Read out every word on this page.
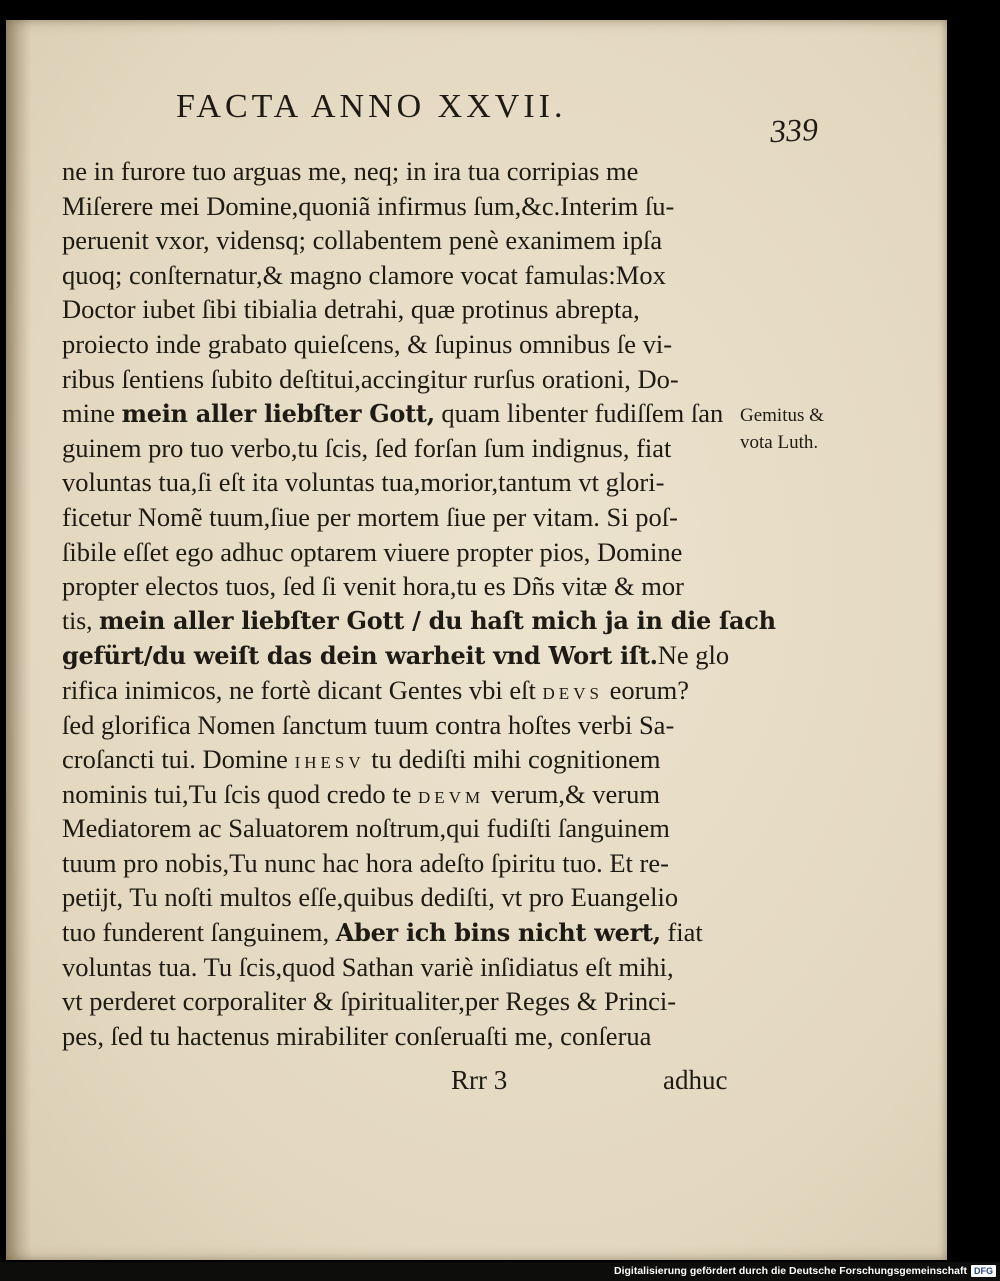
FACTA ANNO XXVII.
339
ne in furore tuo arguas me, neq; in ira tua corripias me
Miſerere mei Domine,quoniã infirmus ſum,&c.Interim ſu-
peruenit vxor, vidensq; collabentem penè exanimem ipſa
quoq; conſternatur,& magno clamore vocat famulas:Mox
Doctor iubet ſibi tibialia detrahi, quæ protinus abrepta,
proiecto inde grabato quieſcens, & ſupinus omnibus ſe vi-
ribus ſentiens ſubito deſtitui,accingitur rurſus orationi, Do-
mine mein aller liebſter Gott, quam libenter fudiſſem ſan
guinem pro tuo verbo,tu ſcis, ſed forſan ſum indignus, fiat
voluntas tua,ſi eſt ita voluntas tua,morior,tantum vt glori-
ficetur Nomẽ tuum,ſiue per mortem ſiue per vitam. Si poſ-
ſibile eſſet ego adhuc optarem viuere propter pios, Domine
propter electos tuos, ſed ſi venit hora,tu es Dñs vitæ & mor
tis, mein aller liebſter Gott / du haſt mich ja in die ſach
gefürt/du weiſt das dein warheit vnd Wort iſt.Ne glo
rifica inimicos, ne fortè dicant Gentes vbi eſt DEVS eorum?
ſed glorifica Nomen ſanctum tuum contra hoſtes verbi Sa-
croſancti tui. Domine IHESV tu dediſti mihi cognitionem
nominis tui,Tu ſcis quod credo te DEVM verum,& verum
Mediatorem ac Saluatorem noſtrum,qui fudiſti ſanguinem
tuum pro nobis,Tu nunc hac hora adeſto ſpiritu tuo. Et re-
petijt, Tu noſti multos eſſe,quibus dediſti, vt pro Euangelio
tuo funderent ſanguinem, Aber ich bins nicht wert, fiat
voluntas tua. Tu ſcis,quod Sathan variè inſidiatus eſt mihi,
vt perderet corporaliter & ſpiritualiter,per Reges & Princi-
pes, ſed tu hactenus mirabiliter conſeruaſti me, conſerua
Gemitus &
vota Luth.
Rrr 3	adhuc
Digitalisierung gefördert durch die Deutsche Forschungsgemeinschaft DFG
